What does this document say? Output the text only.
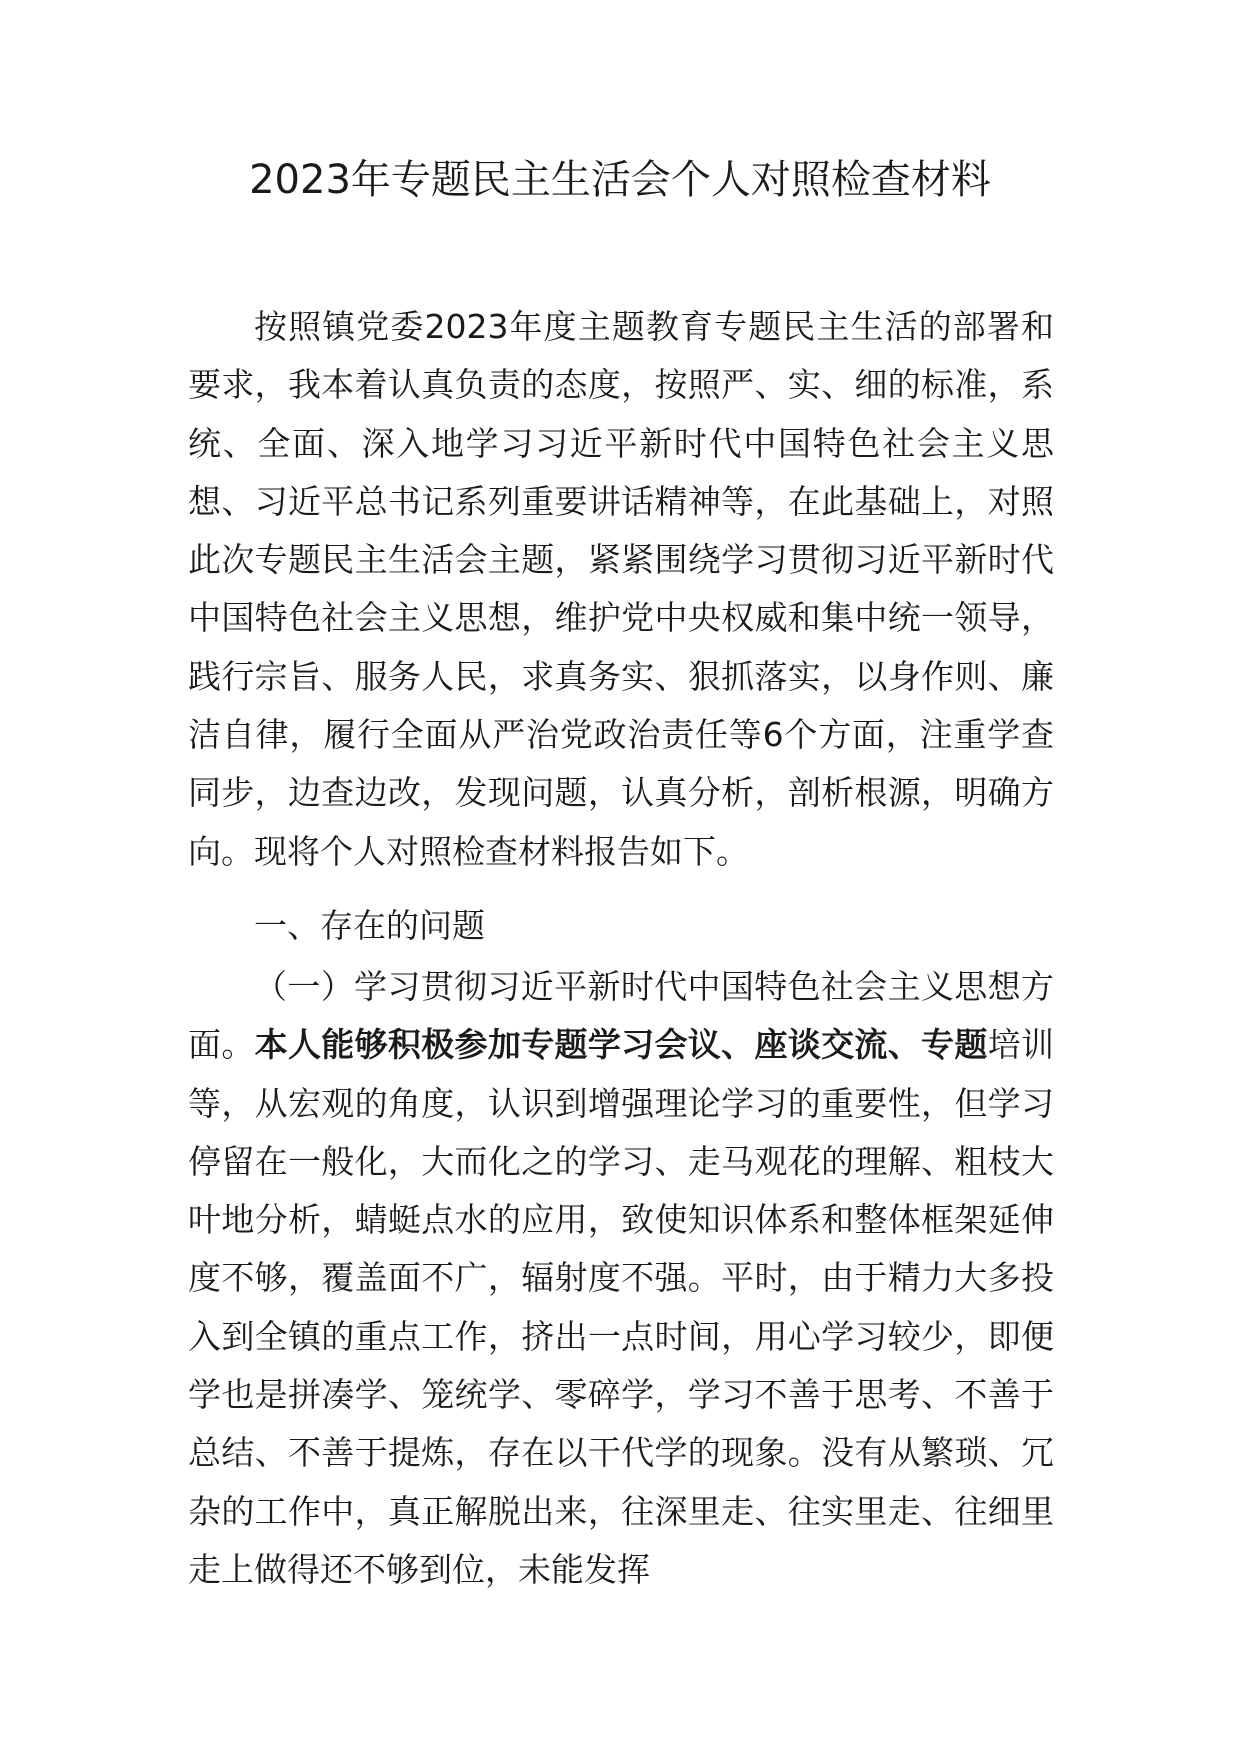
2023年专题民主生活会个人对照检查材料

按照镇党委2023年度主题教育专题民主生活的部署和要求，我本着认真负责的态度，按照严、实、细的标准，系统、全面、深入地学习习近平新时代中国特色社会主义思想、习近平总书记系列重要讲话精神等，在此基础上，对照此次专题民主生活会主题，紧紧围绕学习贯彻习近平新时代中国特色社会主义思想，维护党中央权威和集中统一领导，践行宗旨、服务人民，求真务实、狠抓落实，以身作则、廉洁自律，履行全面从严治党政治责任等6个方面，注重学查同步，边查边改，发现问题，认真分析，剖析根源，明确方向。现将个人对照检查材料报告如下。

一、存在的问题

（一）学习贯彻习近平新时代中国特色社会主义思想方面。本人能够积极参加专题学习会议、座谈交流、专题培训等，从宏观的角度，认识到增强理论学习的重要性，但学习停留在一般化，大而化之的学习、走马观花的理解、粗枝大叶地分析，蜻蜓点水的应用，致使知识体系和整体框架延伸度不够，覆盖面不广，辐射度不强。平时，由于精力大多投入到全镇的重点工作，挤出一点时间，用心学习较少，即便学也是拼凑学、笼统学、零碎学，学习不善于思考、不善于总结、不善于提炼，存在以干代学的现象。没有从繁琐、冗杂的工作中，真正解脱出来，往深里走、往实里走、往细里走上做得还不够到位，未能发挥
